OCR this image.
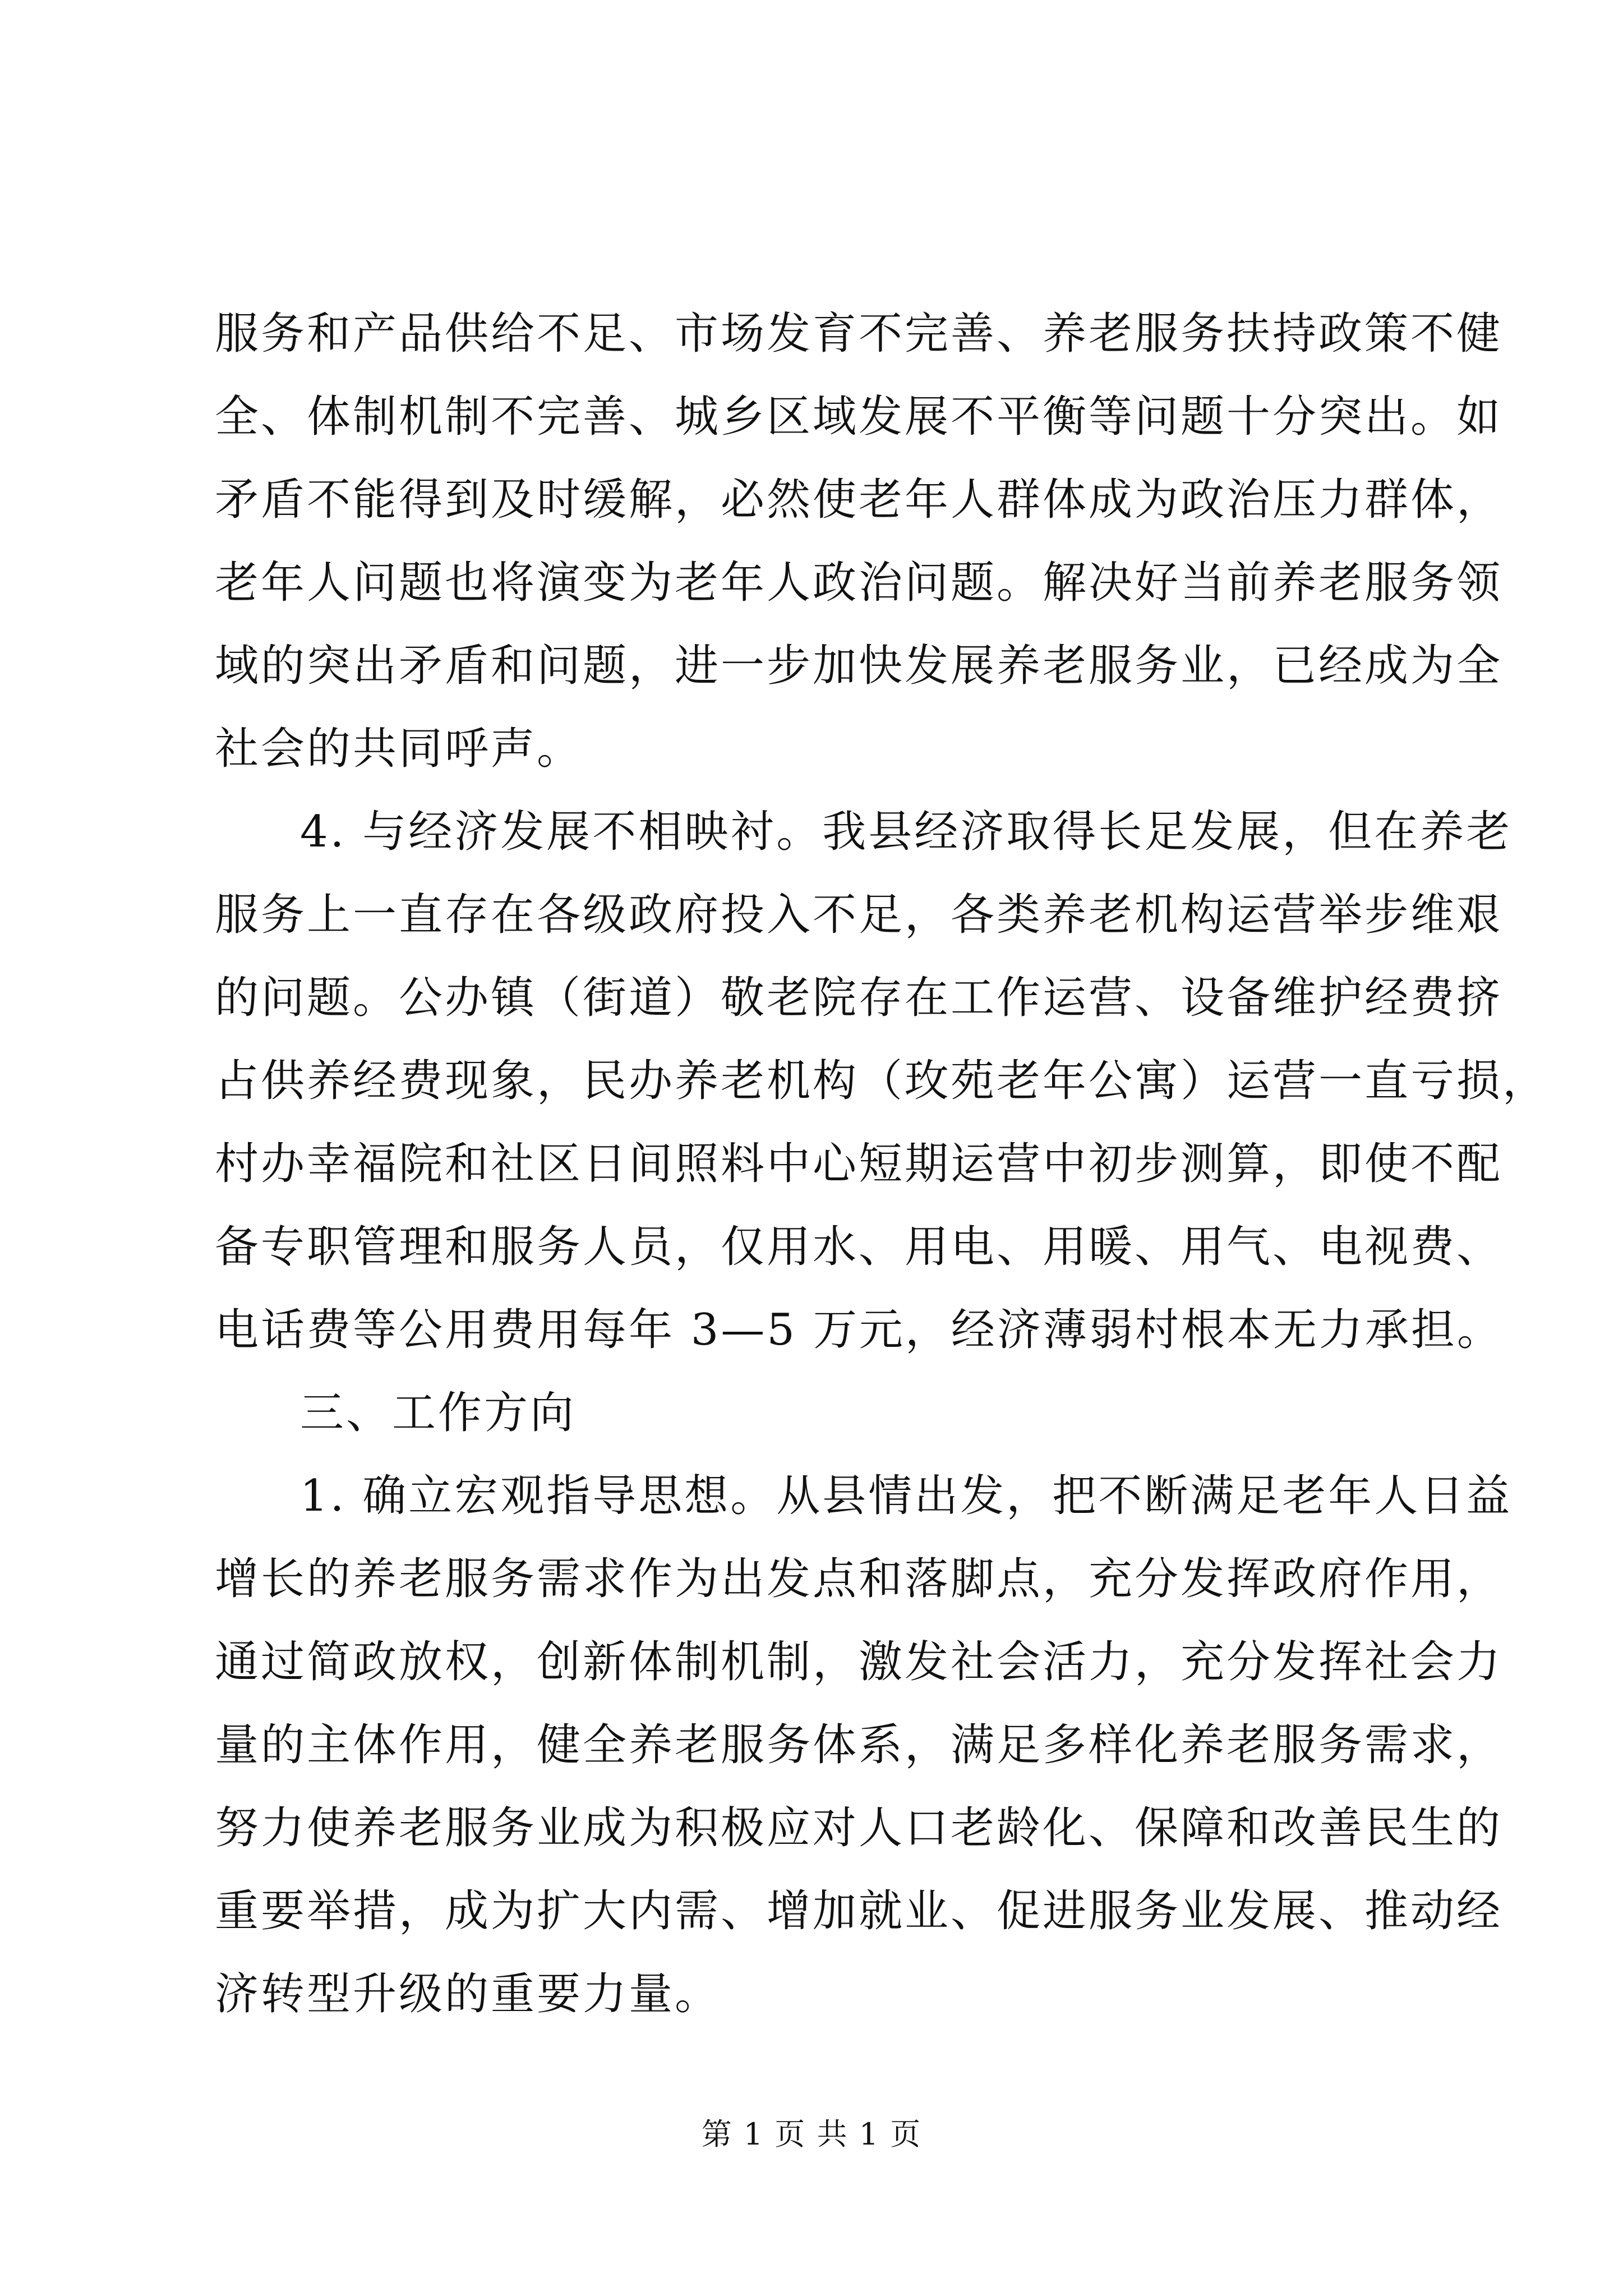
服务和产品供给不足、市场发育不完善、养老服务扶持政策不健
全、体制机制不完善、城乡区域发展不平衡等问题十分突出。如
矛盾不能得到及时缓解，必然使老年人群体成为政治压力群体，
老年人问题也将演变为老年人政治问题。解决好当前养老服务领
域的突出矛盾和问题，进一步加快发展养老服务业，已经成为全
社会的共同呼声。
4. 与经济发展不相映衬。我县经济取得长足发展，但在养老
服务上一直存在各级政府投入不足，各类养老机构运营举步维艰
的问题。公办镇（街道）敬老院存在工作运营、设备维护经费挤
占供养经费现象，民办养老机构（玫苑老年公寓）运营一直亏损，
村办幸福院和社区日间照料中心短期运营中初步测算，即使不配
备专职管理和服务人员，仅用水、用电、用暖、用气、电视费、
电话费等公用费用每年 3—5 万元，经济薄弱村根本无力承担。
三、工作方向
1. 确立宏观指导思想。从县情出发，把不断满足老年人日益
增长的养老服务需求作为出发点和落脚点，充分发挥政府作用，
通过简政放权，创新体制机制，激发社会活力，充分发挥社会力
量的主体作用，健全养老服务体系，满足多样化养老服务需求，
努力使养老服务业成为积极应对人口老龄化、保障和改善民生的
重要举措，成为扩大内需、增加就业、促进服务业发展、推动经
济转型升级的重要力量。
第 1 页 共 1 页
